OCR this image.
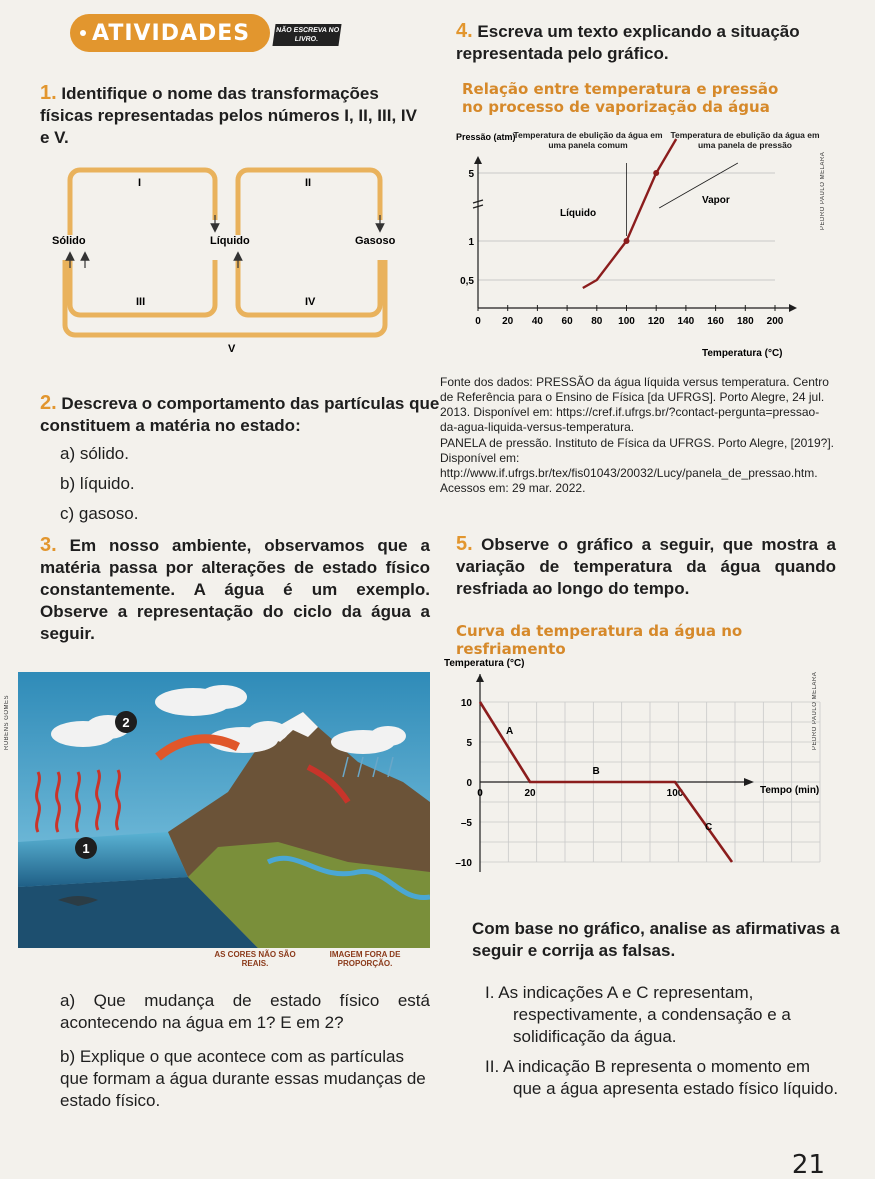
ATIVIDADES	NÃO ESCREVA NO LIVRO.

1. Identifique o nome das transformações físicas representadas pelos números I, II, III, IV e V.

Sólido	Líquido	Gasoso
I	II
III	IV
V

2. Descreva o comportamento das partículas que constituem a matéria no estado:

a) sólido.

b) líquido.

c) gasoso.

3. Em nosso ambiente, observamos que a matéria passa por alterações de estado físico constantemente. A água é um exemplo. Observe a representação do ciclo da água a seguir.

2
1
RUBENS GOMES
AS CORES NÃO SÃO REAIS.
IMAGEM FORA DE PROPORÇÃO.

a) Que mudança de estado físico está acontecendo na água em 1? E em 2?

b) Explique o que acontece com as partículas que formam a água durante essas mudanças de estado físico.

4. Escreva um texto explicando a situação representada pelo gráfico.

Relação entre temperatura e pressão no processo de vaporização da água
Pressão (atm)
Temperatura de ebulição da água em uma panela comum
Temperatura de ebulição da água em uma panela de pressão
0,5
1
5
0 20 40 60 80 100 120 140 160 180 200
Líquido
Vapor
Temperatura (°C)
PEDRO PAULO MELARA

Fonte dos dados: PRESSÃO da água líquida versus temperatura. Centro de Referência para o Ensino de Física [da UFRGS]. Porto Alegre, 24 jul. 2013. Disponível em: https://cref.if.ufrgs.br/?contact-pergunta=pressao-da-agua-liquida-versus-temperatura.

PANELA de pressão. Instituto de Física da UFRGS. Porto Alegre, [2019?]. Disponível em: http://www.if.ufrgs.br/tex/fis01043/20032/Lucy/panela_de_pressao.htm. Acessos em: 29 mar. 2022.

5. Observe o gráfico a seguir, que mostra a variação de temperatura da água quando resfriada ao longo do tempo.

Curva da temperatura da água no resfriamento
Temperatura (°C)
10
5
0
–5
–10
0	20	100
A
B
C
Tempo (min)
PEDRO PAULO MELARA

Com base no gráfico, analise as afirmativas a seguir e corrija as falsas.

I. As indicações A e C representam, respectivamente, a condensação e a solidificação da água.

II. A indicação B representa o momento em que a água apresenta estado físico líquido.

21
